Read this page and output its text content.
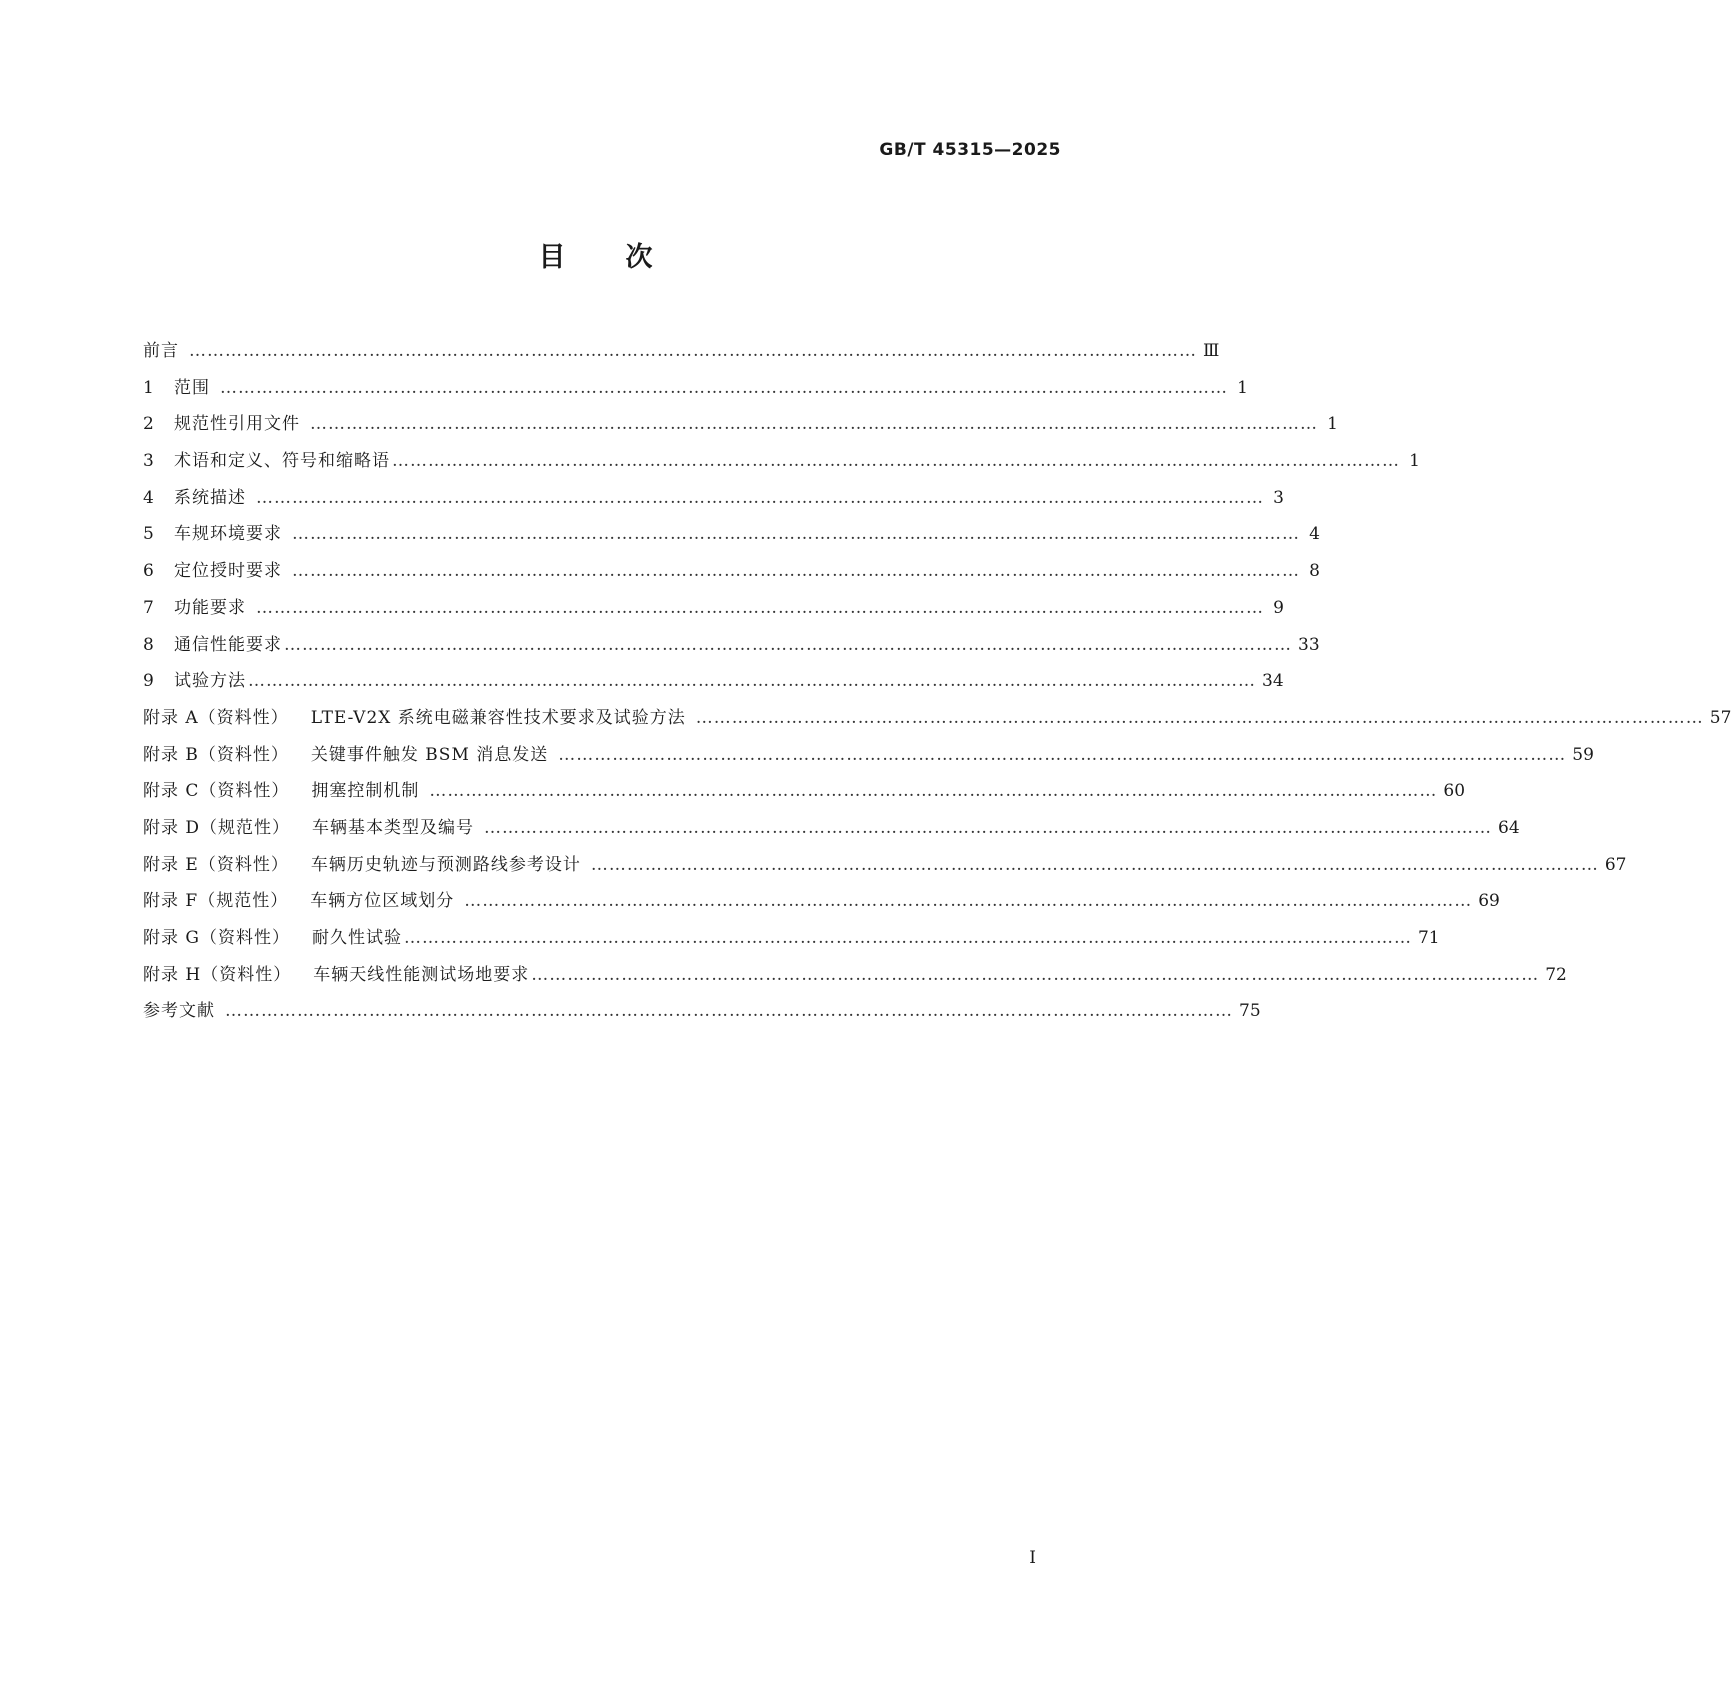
GB/T 45315—2025
目次
前言 …………………………………………………………………………………………………………………………………………………… Ⅲ
1	范围 …………………………………………………………………………………………………………………………………………………… 1
2	规范性引用文件 …………………………………………………………………………………………………………………………………………………… 1
3	术语和定义、符号和缩略语 …………………………………………………………………………………………………………………………………………………… 1
4	系统描述 …………………………………………………………………………………………………………………………………………………… 3
5	车规环境要求 …………………………………………………………………………………………………………………………………………………… 4
6	定位授时要求 …………………………………………………………………………………………………………………………………………………… 8
7	功能要求 …………………………………………………………………………………………………………………………………………………… 9
8	通信性能要求 …………………………………………………………………………………………………………………………………………………… 33
9	试验方法 …………………………………………………………………………………………………………………………………………………… 34
附录 A（资料性） LTE-V2X 系统电磁兼容性技术要求及试验方法 …………………………………………………………………………………………………………………………………………………… 57
附录 B（资料性） 关键事件触发 BSM 消息发送 …………………………………………………………………………………………………………………………………………………… 59
附录 C（资料性） 拥塞控制机制 …………………………………………………………………………………………………………………………………………………… 60
附录 D（规范性） 车辆基本类型及编号 …………………………………………………………………………………………………………………………………………………… 64
附录 E（资料性） 车辆历史轨迹与预测路线参考设计 …………………………………………………………………………………………………………………………………………………… 67
附录 F（规范性） 车辆方位区域划分 …………………………………………………………………………………………………………………………………………………… 69
附录 G（资料性） 耐久性试验 …………………………………………………………………………………………………………………………………………………… 71
附录 H（资料性） 车辆天线性能测试场地要求 …………………………………………………………………………………………………………………………………………………… 72
参考文献 …………………………………………………………………………………………………………………………………………………… 75
Ⅰ
